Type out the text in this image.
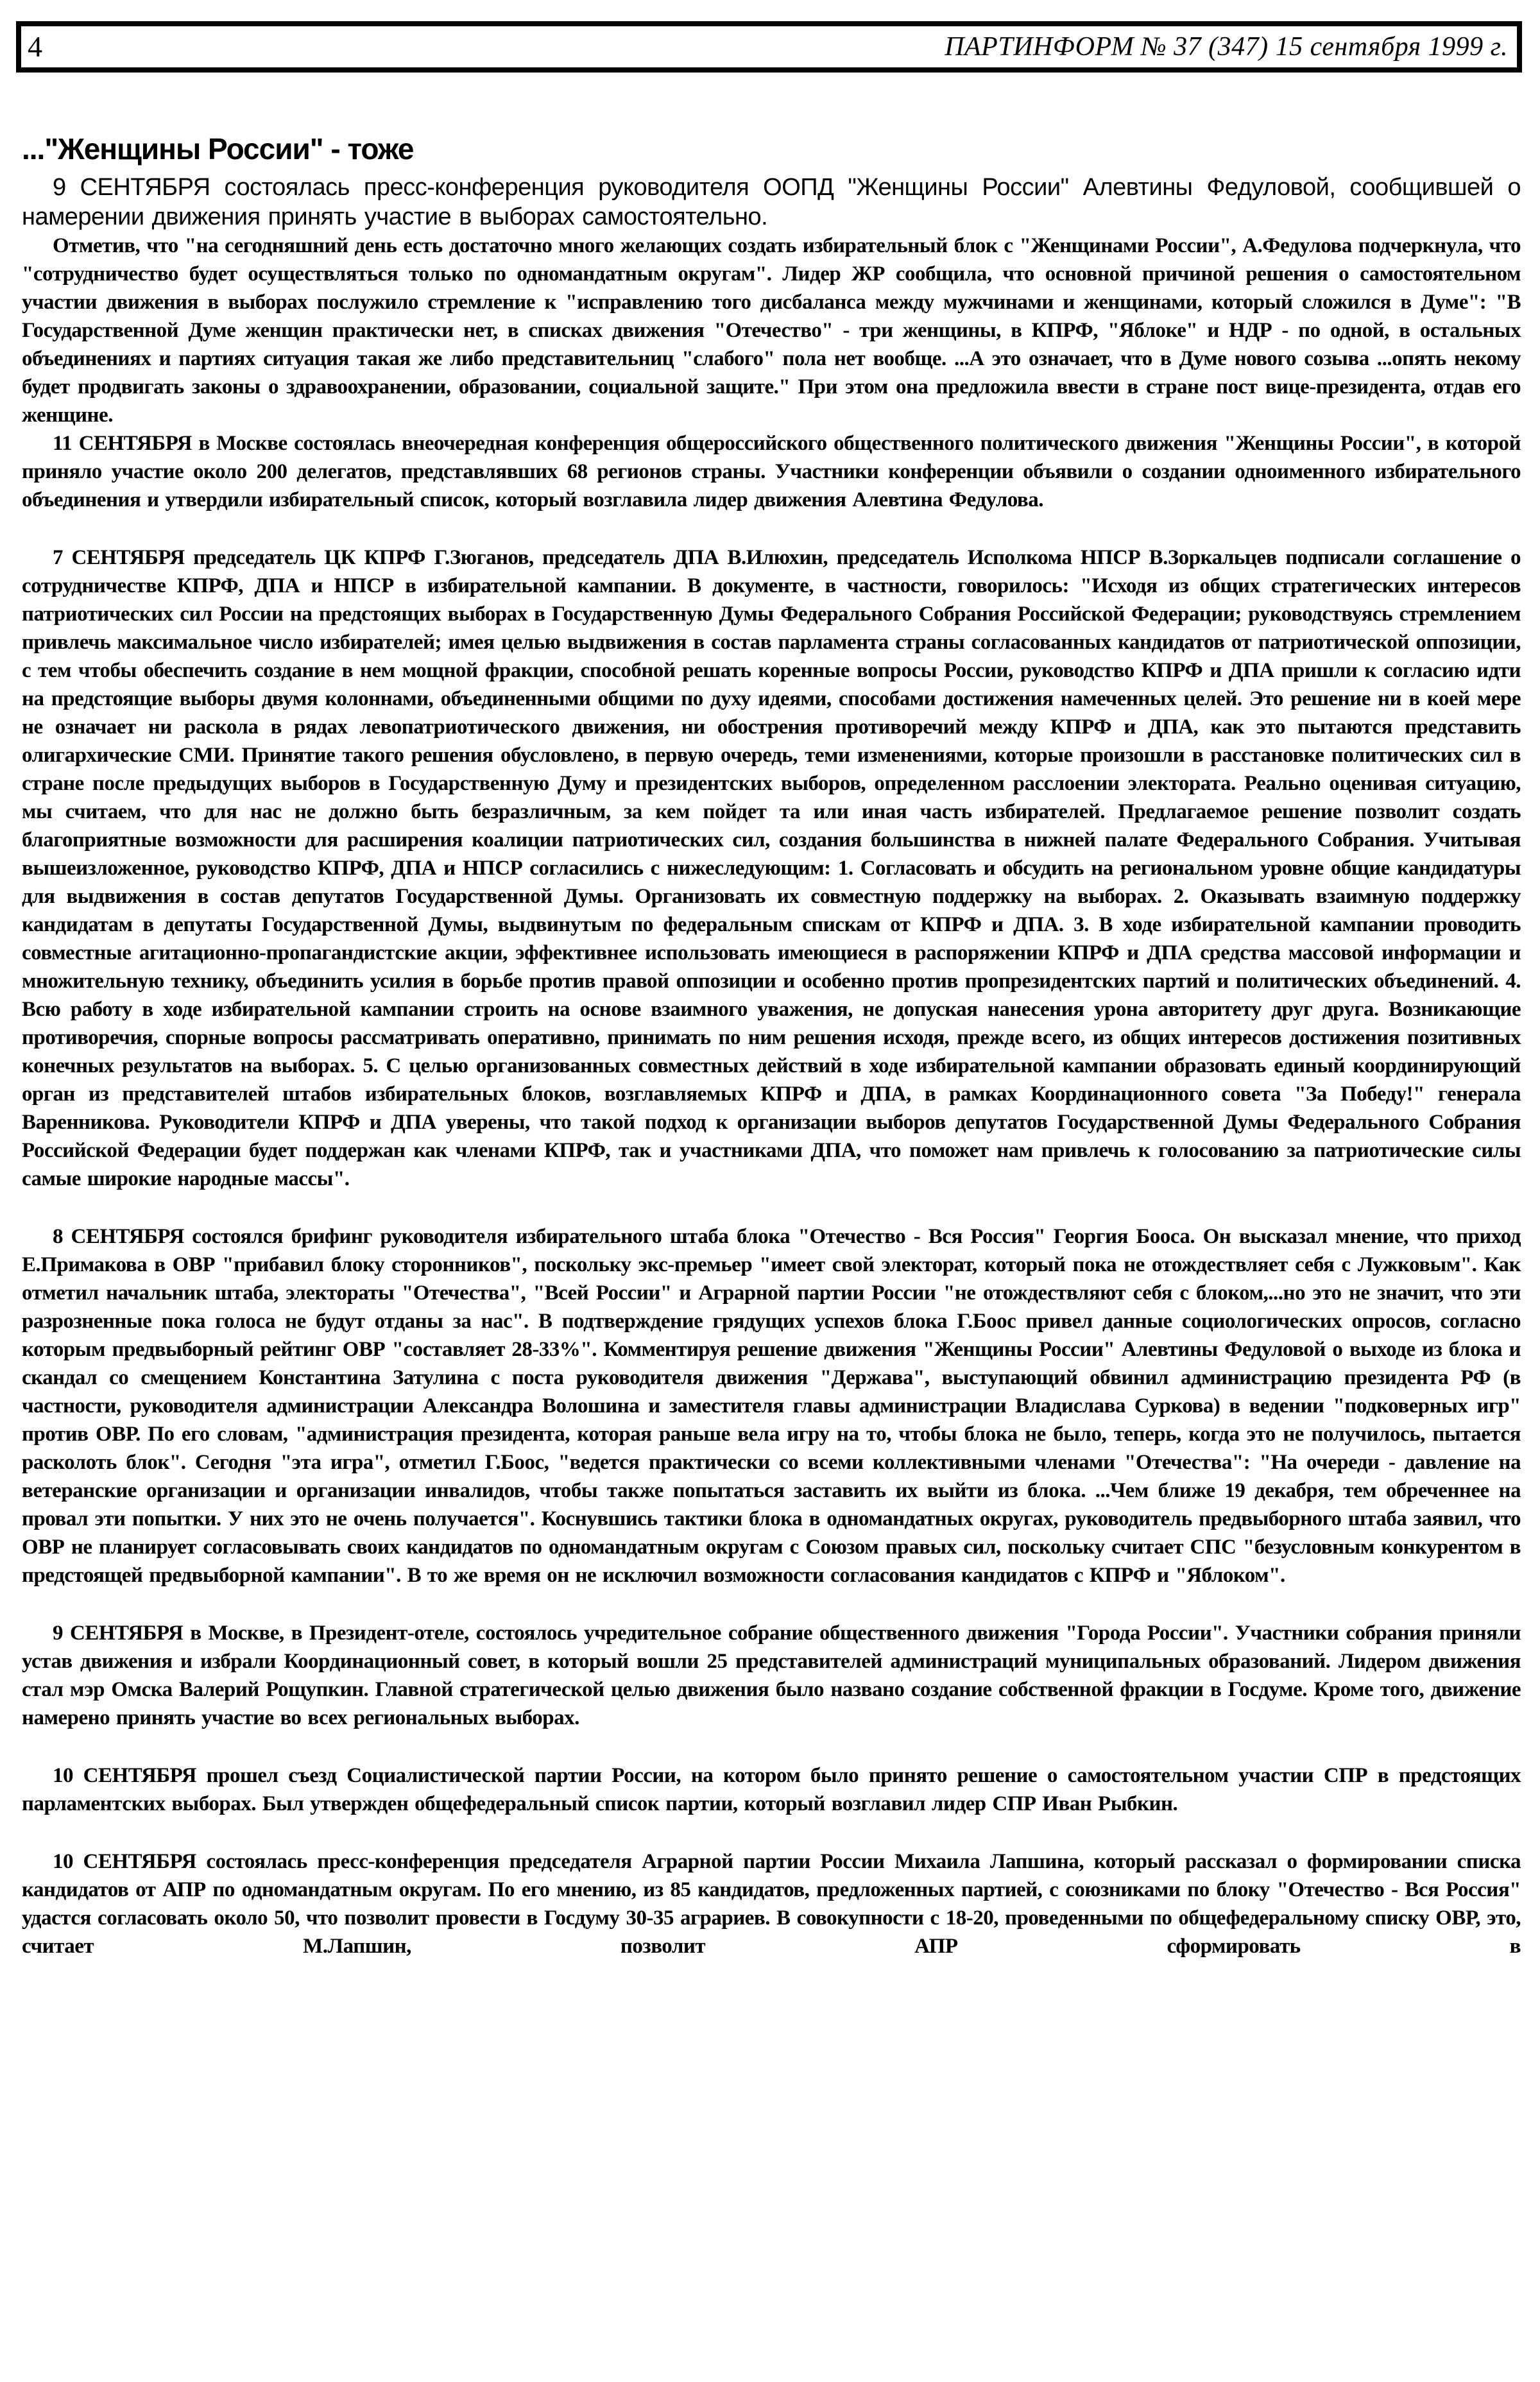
4	ПАРТИНФОРМ № 37 (347) 15 сентября 1999 г.
..."Женщины России" - тоже

9 СЕНТЯБРЯ состоялась пресс-конференция руководителя ООПД "Женщины России" Алевтины Федуловой, сообщившей о намерении движения принять участие в выборах самостоятельно.

Отметив, что "на сегодняшний день есть достаточно много желающих создать избирательный блок с "Женщинами России", А.Федулова подчеркнула, что "сотрудничество будет осуществляться только по одномандатным округам". Лидер ЖР сообщила, что основной причиной решения о самостоятельном участии движения в выборах послужило стремление к "исправлению того дисбаланса между мужчинами и женщинами, который сложился в Думе": "В Государственной Думе женщин практически нет, в списках движения "Отечество" - три женщины, в КПРФ, "Яблоке" и НДР - по одной, в остальных объединениях и партиях ситуация такая же либо представительниц "слабого" пола нет вообще. ...А это означает, что в Думе нового созыва ...опять некому будет продвигать законы о здравоохранении, образовании, социальной защите." При этом она предложила ввести в стране пост вице-президента, отдав его женщине.

11 СЕНТЯБРЯ в Москве состоялась внеочередная конференция общероссийского общественного политического движения "Женщины России", в которой приняло участие около 200 делегатов, представлявших 68 регионов страны. Участники конференции объявили о создании одноименного избирательного объединения и утвердили избирательный список, который возглавила лидер движения Алевтина Федулова.

7 СЕНТЯБРЯ председатель ЦК КПРФ Г.Зюганов, председатель ДПА В.Илюхин, председатель Исполкома НПСР В.Зоркальцев подписали соглашение о сотрудничестве КПРФ, ДПА и НПСР в избирательной кампании. В документе, в частности, говорилось: "Исходя из общих стратегических интересов патриотических сил России на предстоящих выборах в Государственную Думы Федерального Собрания Российской Федерации; руководствуясь стремлением привлечь максимальное число избирателей; имея целью выдвижения в состав парламента страны согласованных кандидатов от патриотической оппозиции, с тем чтобы обеспечить создание в нем мощной фракции, способной решать коренные вопросы России, руководство КПРФ и ДПА пришли к согласию идти на предстоящие выборы двумя колоннами, объединенными общими по духу идеями, способами достижения намеченных целей. Это решение ни в коей мере не означает ни раскола в рядах левопатриотического движения, ни обострения противоречий между КПРФ и ДПА, как это пытаются представить олигархические СМИ. Принятие такого решения обусловлено, в первую очередь, теми изменениями, которые произошли в расстановке политических сил в стране после предыдущих выборов в Государственную Думу и президентских выборов, определенном расслоении электората. Реально оценивая ситуацию, мы считаем, что для нас не должно быть безразличным, за кем пойдет та или иная часть избирателей. Предлагаемое решение позволит создать благоприятные возможности для расширения коалиции патриотических сил, создания большинства в нижней палате Федерального Собрания. Учитывая вышеизложенное, руководство КПРФ, ДПА и НПСР согласились с нижеследующим: 1. Согласовать и обсудить на региональном уровне общие кандидатуры для выдвижения в состав депутатов Государственной Думы. Организовать их совместную поддержку на выборах. 2. Оказывать взаимную поддержку кандидатам в депутаты Государственной Думы, выдвинутым по федеральным спискам от КПРФ и ДПА. 3. В ходе избирательной кампании проводить совместные агитационно-пропагандистские акции, эффективнее использовать имеющиеся в распоряжении КПРФ и ДПА средства массовой информации и множительную технику, объединить усилия в борьбе против правой оппозиции и особенно против пропрезидентских партий и политических объединений. 4. Всю работу в ходе избирательной кампании строить на основе взаимного уважения, не допуская нанесения урона авторитету друг друга. Возникающие противоречия, спорные вопросы рассматривать оперативно, принимать по ним решения исходя, прежде всего, из общих интересов достижения позитивных конечных результатов на выборах. 5. С целью организованных совместных действий в ходе избирательной кампании образовать единый координирующий орган из представителей штабов избирательных блоков, возглавляемых КПРФ и ДПА, в рамках Координационного совета "За Победу!" генерала Варенникова. Руководители КПРФ и ДПА уверены, что такой подход к организации выборов депутатов Государственной Думы Федерального Собрания Российской Федерации будет поддержан как членами КПРФ, так и участниками ДПА, что поможет нам привлечь к голосованию за патриотические силы самые широкие народные массы".

8 СЕНТЯБРЯ состоялся брифинг руководителя избирательного штаба блока "Отечество - Вся Россия" Георгия Бооса. Он высказал мнение, что приход Е.Примакова в ОВР "прибавил блоку сторонников", поскольку экс-премьер "имеет свой электорат, который пока не отождествляет себя с Лужковым". Как отметил начальник штаба, электораты "Отечества", "Всей России" и Аграрной партии России "не отождествляют себя с блоком,...но это не значит, что эти разрозненные пока голоса не будут отданы за нас". В подтверждение грядущих успехов блока Г.Боос привел данные социологических опросов, согласно которым предвыборный рейтинг ОВР "составляет 28-33%". Комментируя решение движения "Женщины России" Алевтины Федуловой о выходе из блока и скандал со смещением Константина Затулина с поста руководителя движения "Держава", выступающий обвинил администрацию президента РФ (в частности, руководителя администрации Александра Волошина и заместителя главы администрации Владислава Суркова) в ведении "подковерных игр" против ОВР. По его словам, "администрация президента, которая раньше вела игру на то, чтобы блока не было, теперь, когда это не получилось, пытается расколоть блок". Сегодня "эта игра", отметил Г.Боос, "ведется практически со всеми коллективными членами "Отечества": "На очереди - давление на ветеранские организации и организации инвалидов, чтобы также попытаться заставить их выйти из блока. ...Чем ближе 19 декабря, тем обреченнее на провал эти попытки. У них это не очень получается". Коснувшись тактики блока в одномандатных округах, руководитель предвыборного штаба заявил, что ОВР не планирует согласовывать своих кандидатов по одномандатным округам с Союзом правых сил, поскольку считает СПС "безусловным конкурентом в предстоящей предвыборной кампании". В то же время он не исключил возможности согласования кандидатов с КПРФ и "Яблоком".

9 СЕНТЯБРЯ в Москве, в Президент-отеле, состоялось учредительное собрание общественного движения "Города России". Участники собрания приняли устав движения и избрали Координационный совет, в который вошли 25 представителей администраций муниципальных образований. Лидером движения стал мэр Омска Валерий Рощупкин. Главной стратегической целью движения было названо создание собственной фракции в Госдуме. Кроме того, движение намерено принять участие во всех региональных выборах.

10 СЕНТЯБРЯ прошел съезд Социалистической партии России, на котором было принято решение о самостоятельном участии СПР в предстоящих парламентских выборах. Был утвержден общефедеральный список партии, который возглавил лидер СПР Иван Рыбкин.

10 СЕНТЯБРЯ состоялась пресс-конференция председателя Аграрной партии России Михаила Лапшина, который рассказал о формировании списка кандидатов от АПР по одномандатным округам. По его мнению, из 85 кандидатов, предложенных партией, с союзниками по блоку "Отечество - Вся Россия" удастся согласовать около 50, что позволит провести в Госдуму 30-35 аграриев. В совокупности с 18-20, проведенными по общефедеральному списку ОВР, это, считает М.Лапшин, позволит АПР сформировать в
